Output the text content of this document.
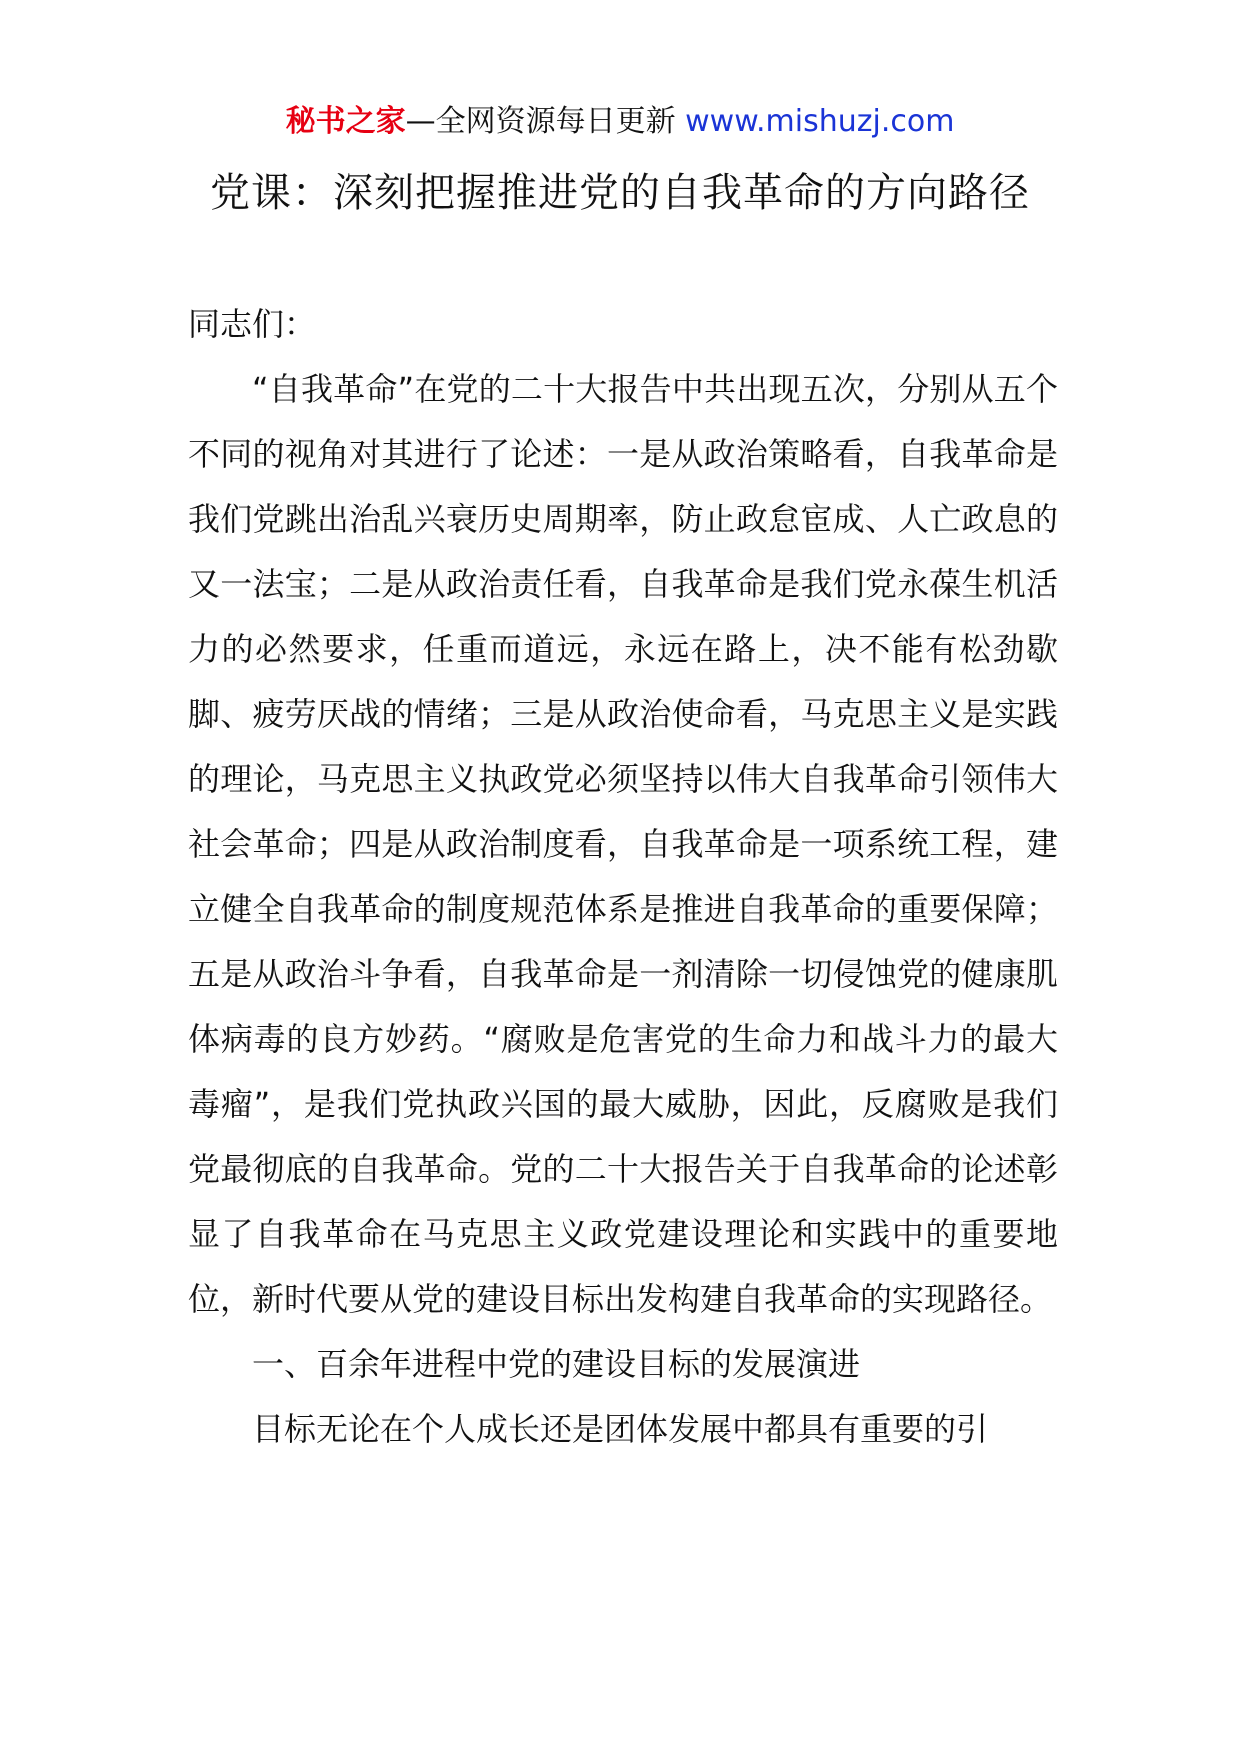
秘书之家—全网资源每日更新 www.mishuzj.com
党课：深刻把握推进党的自我革命的方向路径

同志们：

“自我革命”在党的二十大报告中共出现五次，分别从五个不同的视角对其进行了论述：一是从政治策略看，自我革命是我们党跳出治乱兴衰历史周期率，防止政怠宦成、人亡政息的又一法宝；二是从政治责任看，自我革命是我们党永葆生机活力的必然要求，任重而道远，永远在路上，决不能有松劲歇脚、疲劳厌战的情绪；三是从政治使命看，马克思主义是实践的理论，马克思主义执政党必须坚持以伟大自我革命引领伟大社会革命；四是从政治制度看，自我革命是一项系统工程，建立健全自我革命的制度规范体系是推进自我革命的重要保障；五是从政治斗争看，自我革命是一剂清除一切侵蚀党的健康肌体病毒的良方妙药。“腐败是危害党的生命力和战斗力的最大毒瘤”，是我们党执政兴国的最大威胁，因此，反腐败是我们党最彻底的自我革命。党的二十大报告关于自我革命的论述彰显了自我革命在马克思主义政党建设理论和实践中的重要地位，新时代要从党的建设目标出发构建自我革命的实现路径。

一、百余年进程中党的建设目标的发展演进

目标无论在个人成长还是团体发展中都具有重要的引
